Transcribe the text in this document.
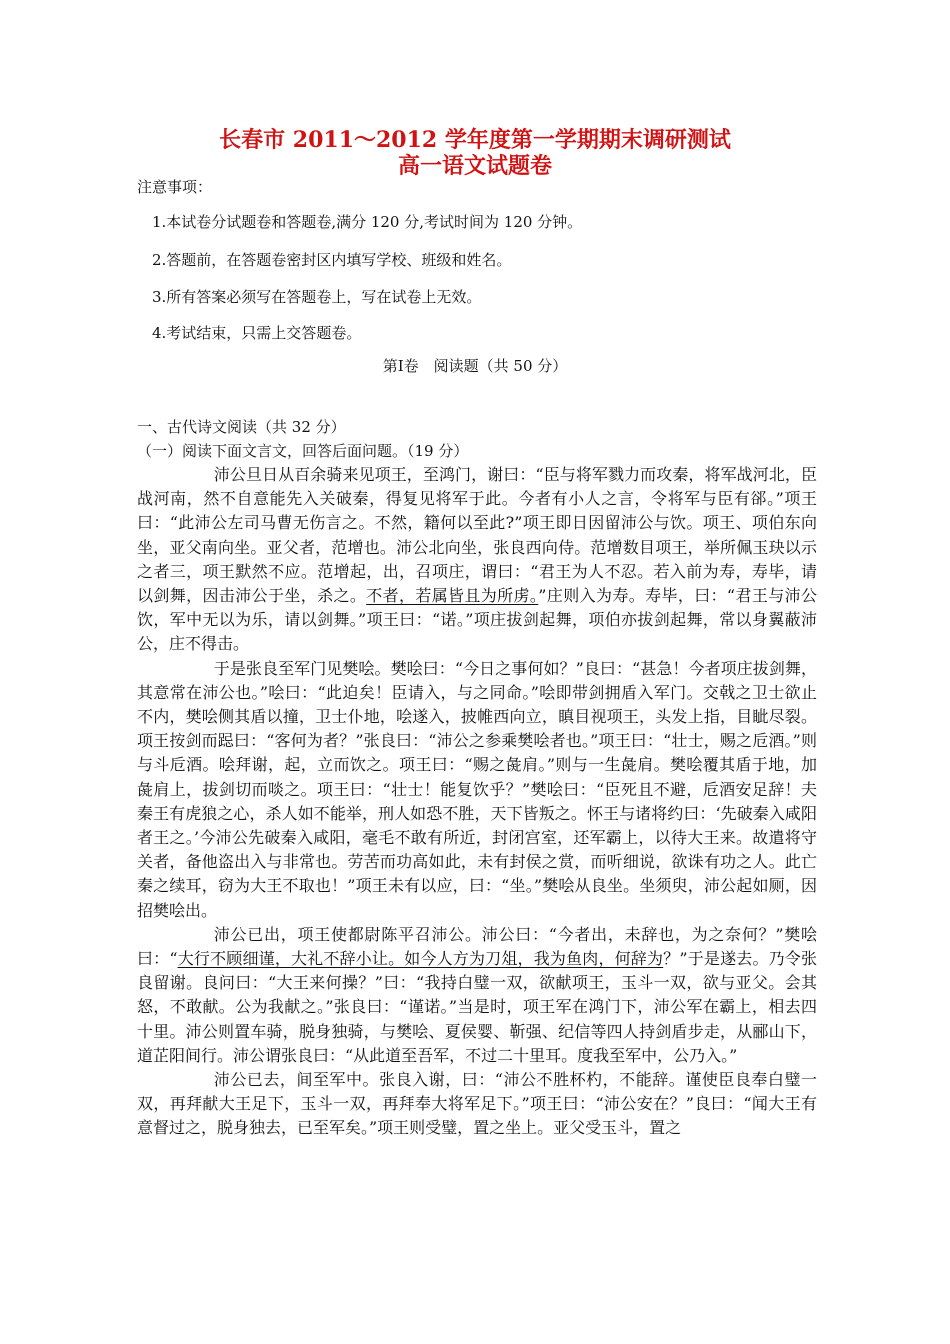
长春市 2011～2012 学年度第一学期期末调研测试
高一语文试题卷
注意事项：
1.本试卷分试题卷和答题卷,满分 120 分,考试时间为 120 分钟。
2.答题前，在答题卷密封区内填写学校、班级和姓名。
3.所有答案必须写在答题卷上，写在试卷上无效。
4.考试结束，只需上交答题卷。
第Ⅰ卷　阅读题（共 50 分）
一、古代诗文阅读（共 32 分）
（一）阅读下面文言文，回答后面问题。（19 分）

沛公旦日从百余骑来见项王，至鸿门，谢曰：“臣与将军戮力而攻秦，将军战河北，臣战河南，然不自意能先入关破秦，得复见将军于此。今者有小人之言，令将军与臣有郤。”项王曰：“此沛公左司马曹无伤言之。不然，籍何以至此?”项王即日因留沛公与饮。项王、项伯东向坐，亚父南向坐。亚父者，范增也。沛公北向坐，张良西向侍。范增数目项王，举所佩玉玦以示之者三，项王默然不应。范增起，出，召项庄，谓曰：“君王为人不忍。若入前为寿，寿毕，请以剑舞，因击沛公于坐，杀之。不者，若属皆且为所虏。”庄则入为寿。寿毕，曰：“君王与沛公饮，军中无以为乐，请以剑舞。”项王曰：“诺。”项庄拔剑起舞，项伯亦拔剑起舞，常以身翼蔽沛公，庄不得击。

于是张良至军门见樊哙。樊哙曰：“今日之事何如？”良曰：“甚急！今者项庄拔剑舞，其意常在沛公也。”哙曰：“此迫矣！臣请入，与之同命。”哙即带剑拥盾入军门。交戟之卫士欲止不内，樊哙侧其盾以撞，卫士仆地，哙遂入，披帷西向立，瞋目视项王，头发上指，目眦尽裂。项王按剑而跽曰：“客何为者？”张良曰：“沛公之参乘樊哙者也。”项王曰：“壮士，赐之卮酒。”则与斗卮酒。哙拜谢，起，立而饮之。项王曰：“赐之彘肩。”则与一生彘肩。樊哙覆其盾于地，加彘肩上，拔剑切而啖之。项王曰：“壮士！能复饮乎？”樊哙曰：“臣死且不避，卮酒安足辞！夫秦王有虎狼之心，杀人如不能举，刑人如恐不胜，天下皆叛之。怀王与诸将约曰：‘先破秦入咸阳者王之。’今沛公先破秦入咸阳，毫毛不敢有所近，封闭宫室，还军霸上，以待大王来。故遣将守关者，备他盗出入与非常也。劳苦而功高如此，未有封侯之赏，而听细说，欲诛有功之人。此亡秦之续耳，窃为大王不取也！”项王未有以应，曰：“坐。”樊哙从良坐。坐须臾，沛公起如厕，因招樊哙出。

沛公已出，项王使都尉陈平召沛公。沛公曰：“今者出，未辞也，为之奈何？”樊哙曰：“大行不顾细谨，大礼不辞小让。如今人方为刀俎，我为鱼肉，何辞为？”于是遂去。乃令张良留谢。良问曰：“大王来何操？”曰：“我持白璧一双，欲献项王，玉斗一双，欲与亚父。会其怒，不敢献。公为我献之。”张良曰：“谨诺。”当是时，项王军在鸿门下，沛公军在霸上，相去四十里。沛公则置车骑，脱身独骑，与樊哙、夏侯婴、靳强、纪信等四人持剑盾步走，从郦山下，道芷阳间行。沛公谓张良曰：“从此道至吾军，不过二十里耳。度我至军中，公乃入。”

沛公已去，间至军中。张良入谢，曰：“沛公不胜杯杓，不能辞。谨使臣良奉白璧一双，再拜献大王足下，玉斗一双，再拜奉大将军足下。”项王曰：“沛公安在？”良曰：“闻大王有意督过之，脱身独去，已至军矣。”项王则受璧，置之坐上。亚父受玉斗，置之
